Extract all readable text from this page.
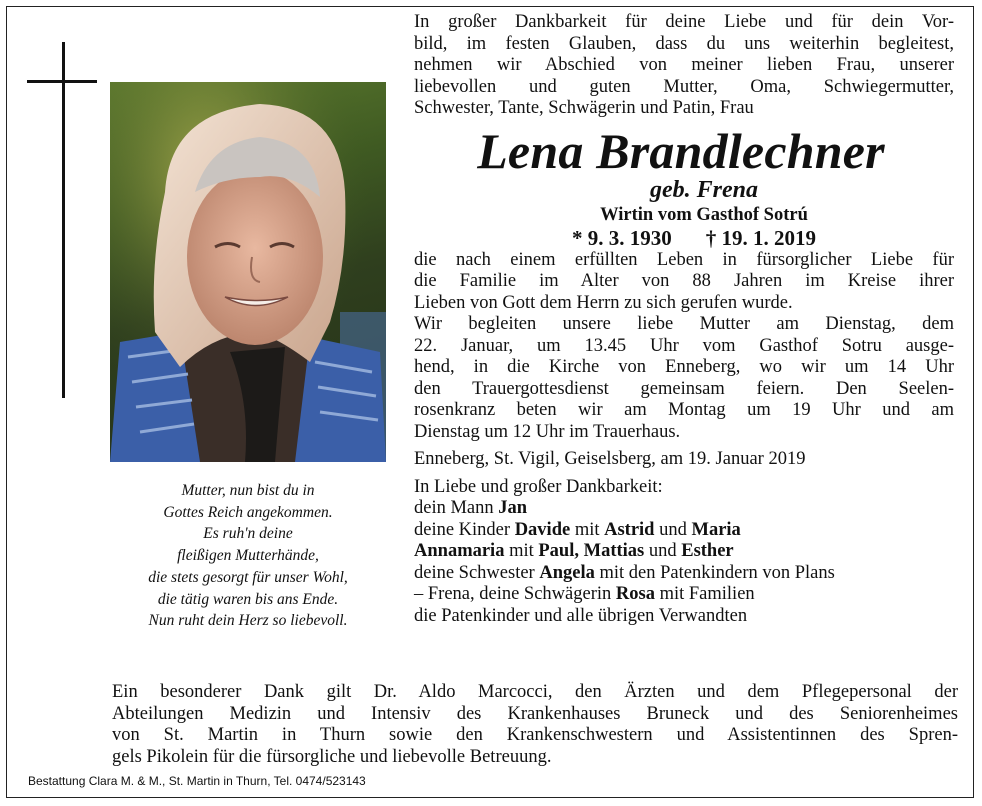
Mutter, nun bist du in
Gottes Reich angekommen.
Es ruh'n deine
fleißigen Mutterhände,
die stets gesorgt für unser Wohl,
die tätig waren bis ans Ende.
Nun ruht dein Herz so liebevoll.
In großer Dankbarkeit für deine Liebe und für dein Vor-
bild, im festen Glauben, dass du uns weiterhin begleitest,
nehmen wir Abschied von meiner lieben Frau, unserer
liebevollen und guten Mutter, Oma, Schwiegermutter,
Schwester, Tante, Schwägerin und Patin, Frau
Lena Brandlechner
geb. Frena
Wirtin vom Gasthof Sotrú
* 9. 3. 1930 † 19. 1. 2019
die nach einem erfüllten Leben in fürsorglicher Liebe für
die Familie im Alter von 88 Jahren im Kreise ihrer
Lieben von Gott dem Herrn zu sich gerufen wurde.
Wir begleiten unsere liebe Mutter am Dienstag, dem
22. Januar, um 13.45 Uhr vom Gasthof Sotru ausge-
hend, in die Kirche von Enneberg, wo wir um 14 Uhr
den Trauergottesdienst gemeinsam feiern. Den Seelen-
rosenkranz beten wir am Montag um 19 Uhr und am
Dienstag um 12 Uhr im Trauerhaus.
Enneberg, St. Vigil, Geiselsberg, am 19. Januar 2019
In Liebe und großer Dankbarkeit:
dein Mann Jan
deine Kinder Davide mit Astrid und Maria
Annamaria mit Paul, Mattias und Esther
deine Schwester Angela mit den Patenkindern von Plans
– Frena, deine Schwägerin Rosa mit Familien
die Patenkinder und alle übrigen Verwandten
Ein besonderer Dank gilt Dr. Aldo Marcocci, den Ärzten und dem Pflegepersonal der
Abteilungen Medizin und Intensiv des Krankenhauses Bruneck und des Seniorenheimes
von St. Martin in Thurn sowie den Krankenschwestern und Assistentinnen des Spren-
gels Pikolein für die fürsorgliche und liebevolle Betreuung.
Bestattung Clara M. & M., St. Martin in Thurn, Tel. 0474/523143
